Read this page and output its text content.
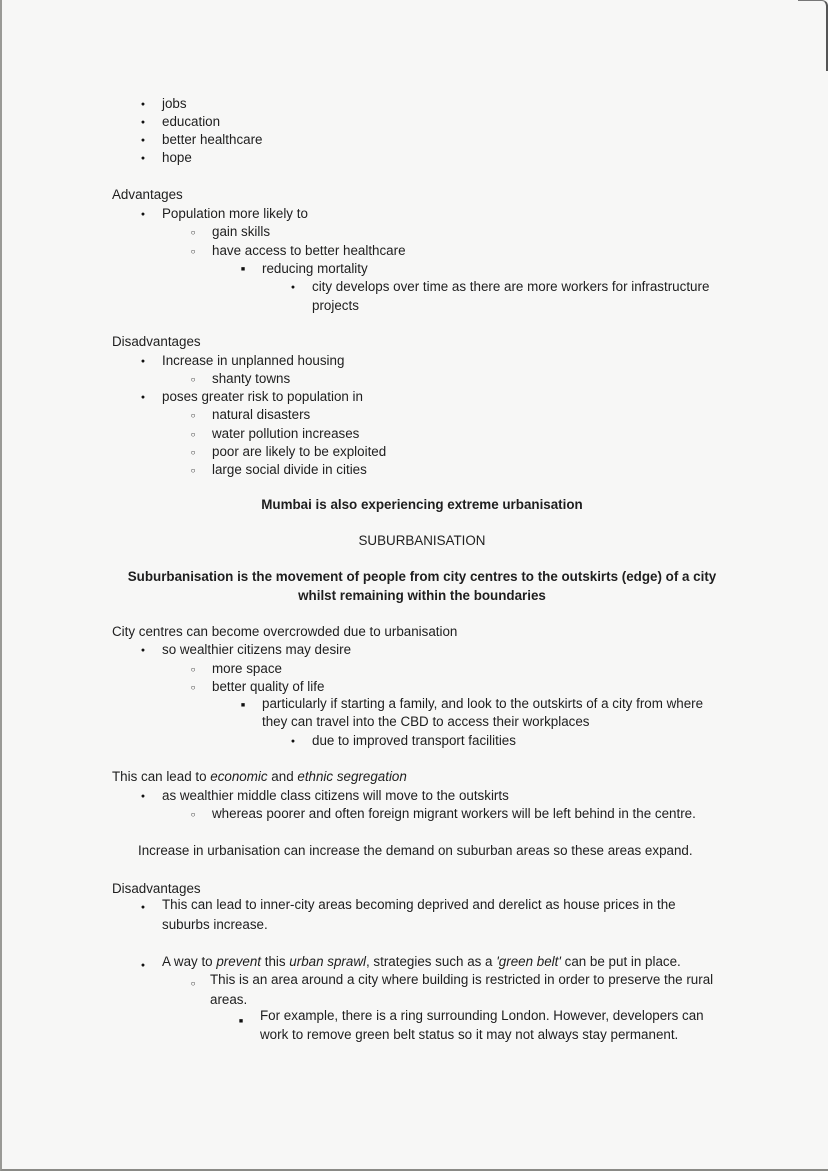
●
jobs
●
education
●
better healthcare
●
hope
Advantages
●
Population more likely to
○
gain skills
○
have access to better healthcare
■
reducing mortality
●
city develops over time as there are more workers for infrastructure
projects
Disadvantages
●
Increase in unplanned housing
○
shanty towns
●
poses greater risk to population in
○
natural disasters
○
water pollution increases
○
poor are likely to be exploited
○
large social divide in cities
Mumbai is also experiencing extreme urbanisation
SUBURBANISATION
Suburbanisation is the movement of people from city centres to the outskirts (edge) of a city
whilst remaining within the boundaries
City centres can become overcrowded due to urbanisation
●
so wealthier citizens may desire
○
more space
○
better quality of life
■
particularly if starting a family, and look to the outskirts of a city from where
they can travel into the CBD to access their workplaces
●
due to improved transport facilities
This can lead to economic and ethnic segregation
●
as wealthier middle class citizens will move to the outskirts
○
whereas poorer and often foreign migrant workers will be left behind in the centre.
Increase in urbanisation can increase the demand on suburban areas so these areas expand.
Disadvantages
●
This can lead to inner-city areas becoming deprived and derelict as house prices in the
suburbs increase.
●
A way to prevent this urban sprawl, strategies such as a 'green belt' can be put in place.
○
This is an area around a city where building is restricted in order to preserve the rural
areas.
■
For example, there is a ring surrounding London. However, developers can
work to remove green belt status so it may not always stay permanent.
